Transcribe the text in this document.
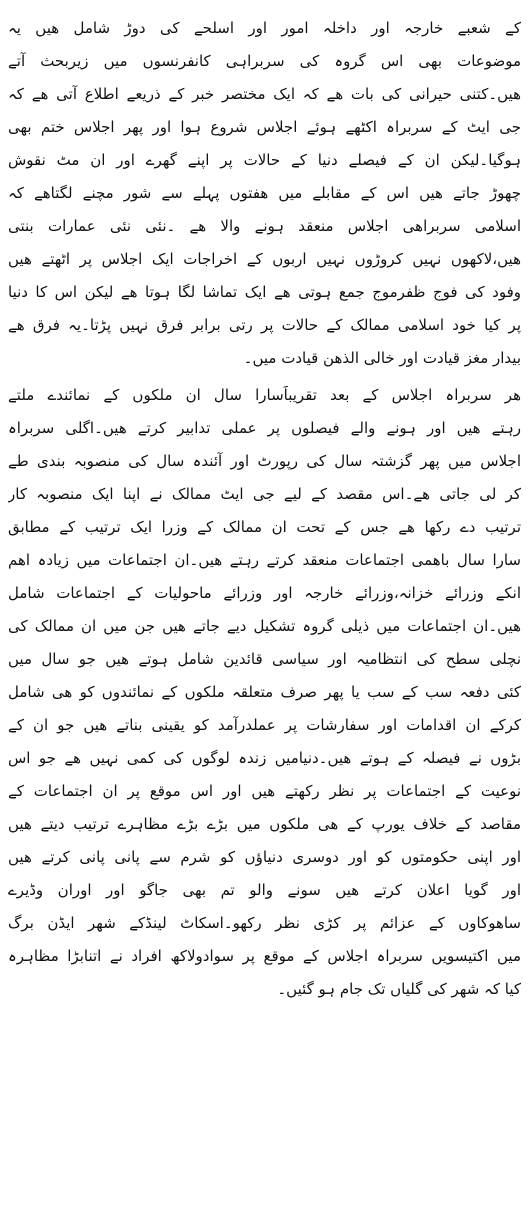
کے شعبے خارجہ اور داخلہ امور اور اسلحے کی دوڑ شامل ھیں یہ
موضوعات بھی اس گروہ کی سربراہی کانفرنسوں میں زیربحث آتے
ھیں۔کتنی حیرانی کی بات ھے کہ ایک مختصر خبر کے ذریعے اطلاع آتی ھے کہ
جی ایٹ کے سربراہ اکٹھے ہوئے اجلاس شروع ہوا اور پھر اجلاس ختم بھی
ہوگیا۔لیکن ان کے فیصلے دنیا کے حالات پر اپنے گھرے اور ان مٹ نقوش
چھوڑ جاتے ھیں اس کے مقابلے میں ھفتوں پہلے سے شور مچنے لگتاھے کہ
اسلامی سربراھی اجلاس منعقد ہونے والا ھے ۔نئی نئی عمارات بنتی
ھیں،لاکھوں نہیں کروڑوں نہیں اربوں کے اخراجات ایک اجلاس پر اٹھتے ھیں
وفود کی فوج ظفرموج جمع ہوتی ھے ایک تماشا لگا ہوتا ھے لیکن اس کا دنیا
پر کیا خود اسلامی ممالک کے حالات پر رتی برابر فرق نہیں پڑتا۔یہ فرق ھے
بیدار مغز قیادت اور خالی الذھن قیادت میں۔
ھر سربراہ اجلاس کے بعد تقریباََسارا سال ان ملکوں کے نمائندے ملتے
رہتے ھیں اور ہونے والے فیصلوں پر عملی تدابیر کرتے ھیں۔اگلی سربراہ
اجلاس میں پھر گزشتہ سال کی رپورٹ اور آئندہ سال کی منصوبہ بندی طے
کر لی جاتی ھے۔اس مقصد کے لیے جی ایٹ ممالک نے اپنا ایک منصوبہ کار
ترتیب دے رکھا ھے جس کے تحت ان ممالک کے وزرا ایک ترتیب کے مطابق
سارا سال باھمی اجتماعات منعقد کرتے رہتے ھیں۔ان اجتماعات میں زیادہ اھم
انکے وزرائے خزانہ،وزرائے خارجہ اور وزرائے ماحولیات کے اجتماعات شامل
ھیں۔ان اجتماعات میں ذیلی گروہ تشکیل دیے جاتے ھیں جن میں ان ممالک کی
نچلی سطح کی انتظامیہ اور سیاسی قائدین شامل ہوتے ھیں جو سال میں
کئی دفعہ سب کے سب یا پھر صرف متعلقہ ملکوں کے نمائندوں کو ھی شامل
کرکے ان اقدامات اور سفارشات پر عملدرآمد کو یقینی بناتے ھیں جو ان کے
بڑوں نے فیصلہ کے ہوتے ھیں۔دنیامیں زندہ لوگوں کی کمی نہیں ھے جو اس
نوعیت کے اجتماعات پر نظر رکھتے ھیں اور اس موقع پر ان اجتماعات کے
مقاصد کے خلاف یورپ کے ھی ملکوں میں بڑے بڑے مظاہرے ترتیب دیتے ھیں
اور اپنی حکومتوں کو اور دوسری دنیاؤں کو شرم سے پانی پانی کرتے ھیں
اور گویا اعلان کرتے ھیں سونے والو تم بھی جاگو اور اوران وڈیرے
ساھوکاوں کے عزائم پر کڑی نظر رکھو۔اسکاٹ لینڈکے شھر ایڈن برگ
میں اکتیسویں سربراہ اجلاس کے موقع پر سوادولاکھ افراد نے اتنابڑا مظاہرہ
کیا کہ شھر کی گلیاں تک جام ہو گئیں۔
